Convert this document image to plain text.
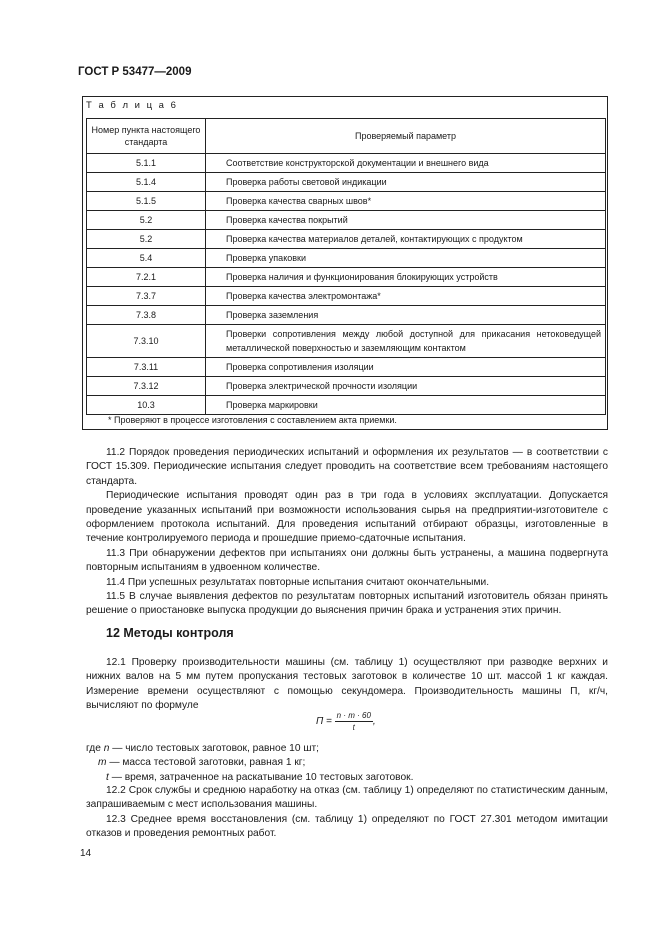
ГОСТ Р 53477—2009
Т а б л и ц а 6
Номер пункта настоящего стандарта	Проверяемый параметр
5.1.1	Соответствие конструкторской документации и внешнего вида
5.1.4	Проверка работы световой индикации
5.1.5	Проверка качества сварных швов*
5.2	Проверка качества покрытий
5.2	Проверка качества материалов деталей, контактирующих с продуктом
5.4	Проверка упаковки
7.2.1	Проверка наличия и функционирования блокирующих устройств
7.3.7	Проверка качества электромонтажа*
7.3.8	Проверка заземления
7.3.10	Проверки сопротивления между любой доступной для прикасания нетоковедущей металлической поверхностью и заземляющим контактом
7.3.11	Проверка сопротивления изоляции
7.3.12	Проверка электрической прочности изоляции
10.3	Проверка маркировки
* Проверяют в процессе изготовления с составлением акта приемки.

11.2 Порядок проведения периодических испытаний и оформления их результатов — в соответствии с ГОСТ 15.309. Периодические испытания следует проводить на соответствие всем требованиям настоящего стандарта.

Периодические испытания проводят один раз в три года в условиях эксплуатации. Допускается проведение указанных испытаний при возможности использования сырья на предприятии-изготовителе с оформлением протокола испытаний. Для проведения испытаний отбирают образцы, изготовленные в течение контролируемого периода и прошедшие приемо-сдаточные испытания.

11.3 При обнаружении дефектов при испытаниях они должны быть устранены, а машина подвергнута повторным испытаниям в удвоенном количестве.

11.4 При успешных результатах повторные испытания считают окончательными.

11.5 В случае выявления дефектов по результатам повторных испытаний изготовитель обязан принять решение о приостановке выпуска продукции до выяснения причин брака и устранения этих причин.

12 Методы контроля

12.1 Проверку производительности машины (см. таблицу 1) осуществляют при разводке верхних и нижних валов на 5 мм путем пропускания тестовых заготовок в количестве 10 шт. массой 1 кг каждая. Измерение времени осуществляют с помощью секундомера. Производительность машины П, кг/ч, вычисляют по формуле

$П = \frac{n \cdot m \cdot 60}{t}$ ,
где n — число тестовых заготовок, равное 10 шт;
m — масса тестовой заготовки, равная 1 кг;
t — время, затраченное на раскатывание 10 тестовых заготовок.

12.2 Срок службы и среднюю наработку на отказ (см. таблицу 1) определяют по статистическим данным, запрашиваемым с мест использования машины.

12.3 Среднее время восстановления (см. таблицу 1) определяют по ГОСТ 27.301 методом имитации отказов и проведения ремонтных работ.

14
